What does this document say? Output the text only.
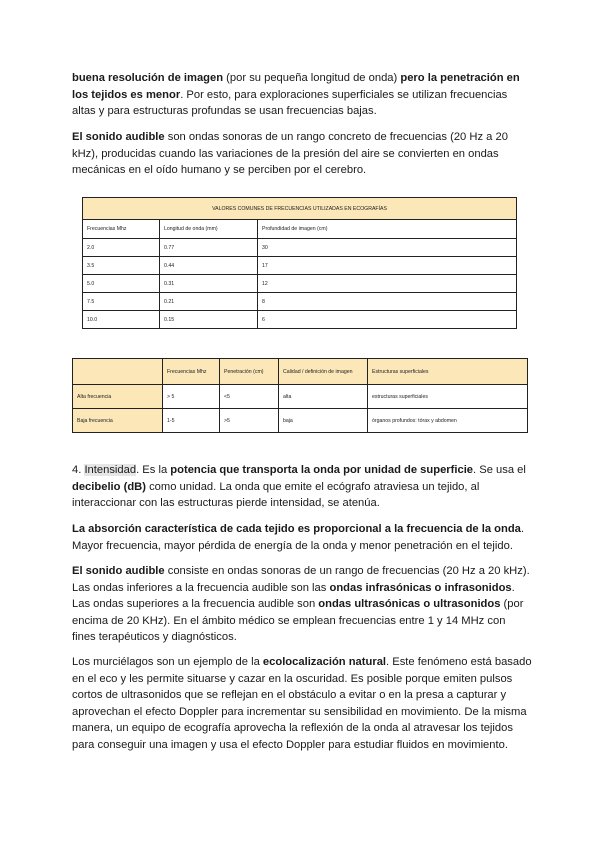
buena resolución de imagen (por su pequeña longitud de onda) pero la penetración en los tejidos es menor. Por esto, para exploraciones superficiales se utilizan frecuencias altas y para estructuras profundas se usan frecuencias bajas.
El sonido audible son ondas sonoras de un rango concreto de frecuencias (20 Hz a 20 kHz), producidas cuando las variaciones de la presión del aire se convierten en ondas mecánicas en el oído humano y se perciben por el cerebro.
VALORES COMUNES DE FRECUENCIAS UTILIZADAS EN ECOGRAFÍAS		
Frecuencias Mhz	Longitud de onda (mm)	Profundidad de imagen (cm)
2.0	0.77	30
3.5	0.44	17
5.0	0.31	12
7.5	0.21	8
10.0	0.15	6
	Frecuencias Mhz	Penetración (cm)	Calidad / definición de imagen	Estructuras superficiales
Alta frecuencia	> 5	<5	alta	estructuras superficiales
Baja frecuencia	1-5	>5	baja	órganos profundos: tórax y abdomen
4. Intensidad. Es la potencia que transporta la onda por unidad de superficie. Se usa el decibelio (dB) como unidad. La onda que emite el ecógrafo atraviesa un tejido, al interaccionar con las estructuras pierde intensidad, se atenúa.
La absorción característica de cada tejido es proporcional a la frecuencia de la onda. Mayor frecuencia, mayor pérdida de energía de la onda y menor penetración en el tejido.
El sonido audible consiste en ondas sonoras de un rango de frecuencias (20 Hz a 20 kHz). Las ondas inferiores a la frecuencia audible son las ondas infrasónicas o infrasonidos. Las ondas superiores a la frecuencia audible son ondas ultrasónicas o ultrasonidos (por encima de 20 KHz). En el ámbito médico se emplean frecuencias entre 1 y 14 MHz con fines terapéuticos y diagnósticos.
Los murciélagos son un ejemplo de la ecolocalización natural. Este fenómeno está basado en el eco y les permite situarse y cazar en la oscuridad. Es posible porque emiten pulsos cortos de ultrasonidos que se reflejan en el obstáculo a evitar o en la presa a capturar y aprovechan el efecto Doppler para incrementar su sensibilidad en movimiento. De la misma manera, un equipo de ecografía aprovecha la reflexión de la onda al atravesar los tejidos para conseguir una imagen y usa el efecto Doppler para estudiar fluidos en movimiento.
